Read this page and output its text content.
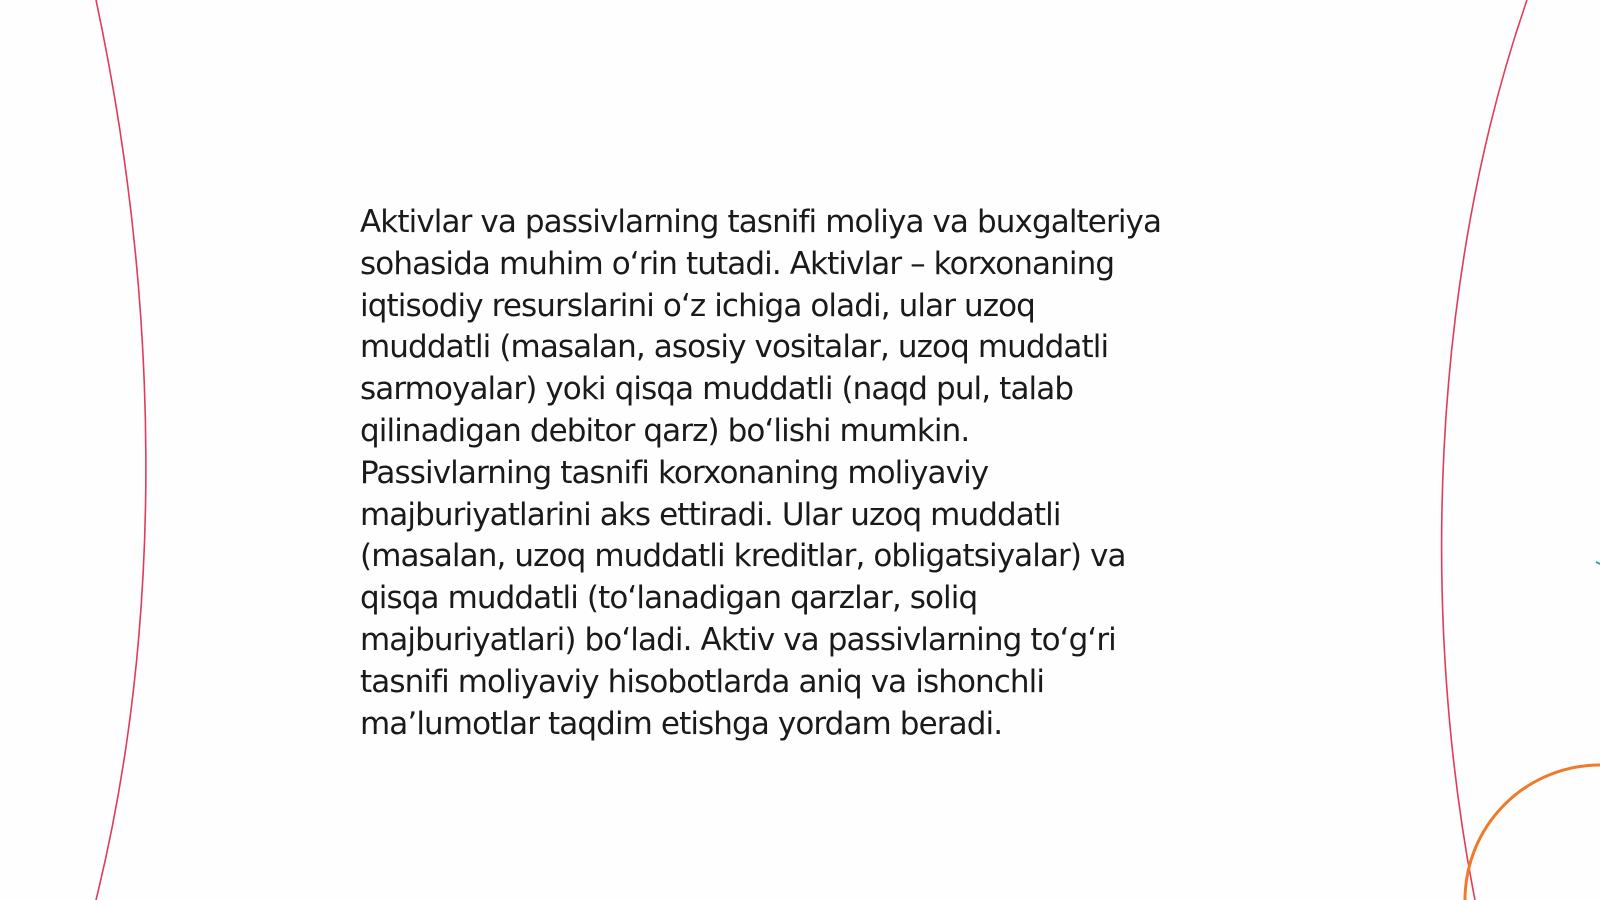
Aktivlar va passivlarning tasnifi moliya va buxgalteriya
sohasida muhim o‘rin tutadi. Aktivlar – korxonaning
iqtisodiy resurslarini o‘z ichiga oladi, ular uzoq
muddatli (masalan, asosiy vositalar, uzoq muddatli
sarmoyalar) yoki qisqa muddatli (naqd pul, talab
qilinadigan debitor qarz) bo‘lishi mumkin.
Passivlarning tasnifi korxonaning moliyaviy
majburiyatlarini aks ettiradi. Ular uzoq muddatli
(masalan, uzoq muddatli kreditlar, obligatsiyalar) va
qisqa muddatli (to‘lanadigan qarzlar, soliq
majburiyatlari) bo‘ladi. Aktiv va passivlarning to‘g‘ri
tasnifi moliyaviy hisobotlarda aniq va ishonchli
ma’lumotlar taqdim etishga yordam beradi.
